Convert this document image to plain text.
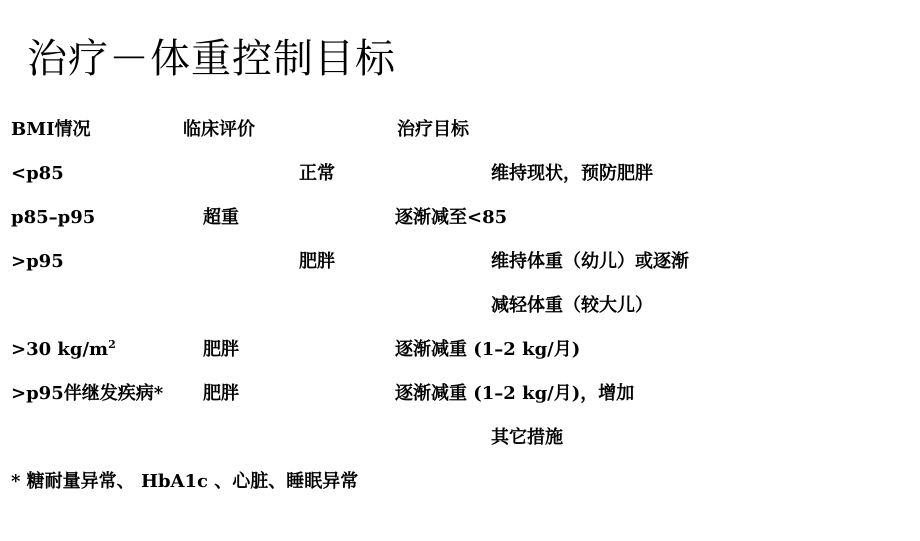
治疗－体重控制目标
BMI情况	临床评价	治疗目标
<p85	正常	维持现状，预防肥胖
p85–p95	超重	逐渐减至<85
>p95	肥胖	维持体重（幼儿）或逐渐
减轻体重（较大儿）
>30 $kg/m^2$	肥胖	逐渐减重 (1–2 kg/月)
>p95伴继发疾病* 肥胖	逐渐减重 (1–2 kg/月)，增加
其它措施
* 糖耐量异常、 HbA1c 、心脏、睡眠异常
